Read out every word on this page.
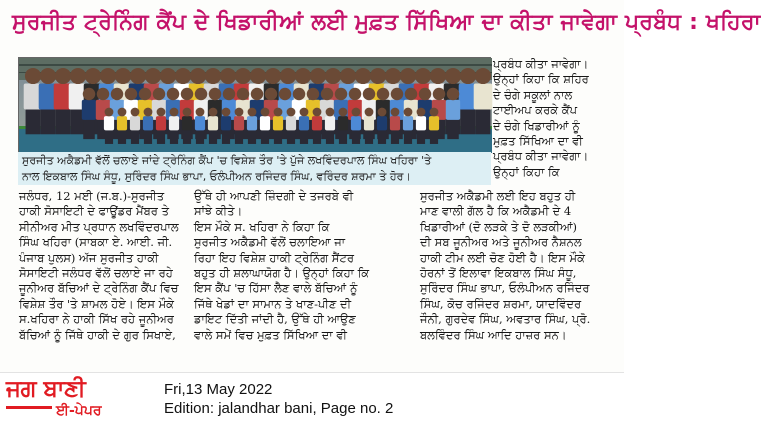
ਸੁਰਜੀਤ ਟ੍ਰੇਨਿੰਗ ਕੈਂਪ ਦੇ ਖਿਡਾਰੀਆਂ ਲਈ ਮੁਫ਼ਤ ਸਿੱਖਿਆ ਦਾ ਕੀਤਾ ਜਾਵੇਗਾ ਪ੍ਰਬੰਧ : ਖਹਿਰਾ
ਸੁਰਜੀਤ ਅਕੈਡਮੀ ਵੱਲੋਂ ਚਲਾਏ ਜਾਂਦੇ ਟ੍ਰੇਨਿੰਗ ਕੈਂਪ 'ਚ ਵਿਸ਼ੇਸ਼ ਤੌਰ 'ਤੇ ਪੁੱਜੇ ਲਖਵਿੰਦਰਪਾਲ ਸਿੰਘ ਖਹਿਰਾ 'ਤੇ
ਨਾਲ ਇਕਬਾਲ ਸਿੰਘ ਸੰਧੂ, ਸੁਰਿੰਦਰ ਸਿੰਘ ਭਾਪਾ, ਓਲੰਪੀਅਨ ਰਜਿੰਦਰ ਸਿੰਘ, ਵਰਿੰਦਰ ਸ਼ਰਮਾ ਤੇ ਹੋਰ।
ਜਲੰਧਰ, 12 ਮਈ (ਜ.ਬ.)-ਸੁਰਜੀਤ
ਹਾਕੀ ਸੋਸਾਇਟੀ ਦੇ ਫਾਊਂਡਰ ਮੈਂਬਰ ਤੇ
ਸੀਨੀਅਰ ਮੀਤ ਪ੍ਰਧਾਨ ਲਖਵਿੰਦਰਪਾਲ
ਸਿੰਘ ਖਹਿਰਾ (ਸਾਬਕਾ ਏ. ਆਈ. ਜੀ.
ਪੰਜਾਬ ਪੁਲਸ) ਅੱਜ ਸੁਰਜੀਤ ਹਾਕੀ
ਸੋਸਾਇਟੀ ਜਲੰਧਰ ਵੱਲੋਂ ਚਲਾਏ ਜਾ ਰਹੇ
ਜੂਨੀਅਰ ਬੱਚਿਆਂ ਦੇ ਟ੍ਰੇਨਿੰਗ ਕੈਂਪ ਵਿਚ
ਵਿਸ਼ੇਸ਼ ਤੌਰ 'ਤੇ ਸ਼ਾਮਲ ਹੋਏ। ਇਸ ਮੌਕੇ
ਸ.ਖਹਿਰਾ ਨੇ ਹਾਕੀ ਸਿੱਖ ਰਹੇ ਜੂਨੀਅਰ
ਬੱਚਿਆਂ ਨੂੰ ਜਿੱਥੇ ਹਾਕੀ ਦੇ ਗੁਰ ਸਿਖਾਏ,
ਉੱਥੇ ਹੀ ਆਪਣੀ ਜ਼ਿੰਦਗੀ ਦੇ ਤਜਰਬੇ ਵੀ
ਸਾਂਝੇ ਕੀਤੇ।
ਇਸ ਮੌਕੇ ਸ. ਖਹਿਰਾ ਨੇ ਕਿਹਾ ਕਿ
ਸੁਰਜੀਤ ਅਕੈਡਮੀ ਵੱਲੋਂ ਚਲਾਇਆ ਜਾ
ਰਿਹਾ ਇਹ ਵਿਸ਼ੇਸ਼ ਹਾਕੀ ਟ੍ਰੇਨਿੰਗ ਸੈਂਟਰ
ਬਹੁਤ ਹੀ ਸ਼ਲਾਘਾਯੋਗ ਹੈ। ਉਨ੍ਹਾਂ ਕਿਹਾ ਕਿ
ਇਸ ਕੈਂਪ 'ਚ ਹਿੱਸਾ ਲੈਣ ਵਾਲੇ ਬੱਚਿਆਂ ਨੂੰ
ਜਿੱਥੇ ਖੇਡਾਂ ਦਾ ਸਾਮਾਨ ਤੇ ਖਾਣ-ਪੀਣ ਦੀ
ਡਾਇਟ ਦਿੱਤੀ ਜਾਂਦੀ ਹੈ, ਉੱਥੇ ਹੀ ਆਉਣ
ਵਾਲੇ ਸਮੇਂ ਵਿਚ ਮੁਫ਼ਤ ਸਿੱਖਿਆ ਦਾ ਵੀ
ਪ੍ਰਬੰਧ ਕੀਤਾ ਜਾਵੇਗਾ।
ਉਨ੍ਹਾਂ ਕਿਹਾ ਕਿ ਸ਼ਹਿਰ
ਦੇ ਚੰਗੇ ਸਕੂਲਾਂ ਨਾਲ
ਟਾਈਅਪ ਕਰਕੇ ਕੈਂਪ
ਦੇ ਚੰਗੇ ਖਿਡਾਰੀਆਂ ਨੂੰ
ਮੁਫ਼ਤ ਸਿੱਖਿਆ ਦਾ ਵੀ
ਪ੍ਰਬੰਧ ਕੀਤਾ ਜਾਵੇਗਾ।
ਉਨ੍ਹਾਂ ਕਿਹਾ ਕਿ
ਸੁਰਜੀਤ ਅਕੈਡਮੀ ਲਈ ਇਹ ਬਹੁਤ ਹੀ
ਮਾਣ ਵਾਲੀ ਗੱਲ ਹੈ ਕਿ ਅਕੈਡਮੀ ਦੇ 4
ਖਿਡਾਰੀਆਂ (ਦੋ ਲੜਕੇ ਤੇ ਦੋ ਲੜਕੀਆਂ)
ਦੀ ਸਬ ਜੂਨੀਅਰ ਅਤੇ ਜੂਨੀਅਰ ਨੈਸ਼ਨਲ
ਹਾਕੀ ਟੀਮ ਲਈ ਚੋਣ ਹੋਈ ਹੈ। ਇਸ ਮੌਕੇ
ਹੋਰਨਾਂ ਤੋਂ ਇਲਾਵਾ ਇਕਬਾਲ ਸਿੰਘ ਸੰਧੂ,
ਸੁਰਿੰਦਰ ਸਿੰਘ ਭਾਪਾ, ਓਲੰਪੀਅਨ ਰਜਿੰਦਰ
ਸਿੰਘ, ਕੋਚ ਰਜਿੰਦਰ ਸ਼ਰਮਾ, ਯਾਦਵਿੰਦਰ
ਜੌਨੀ, ਗੁਰਦੇਵ ਸਿੰਘ, ਅਵਤਾਰ ਸਿੰਘ, ਪ੍ਰੋ.
ਬਲਵਿੰਦਰ ਸਿੰਘ ਆਦਿ ਹਾਜ਼ਰ ਸਨ।
ਜਗ ਬਾਣੀ
ਈ-ਪੇਪਰ
Fri,13 May 2022
Edition: jalandhar bani, Page no. 2
